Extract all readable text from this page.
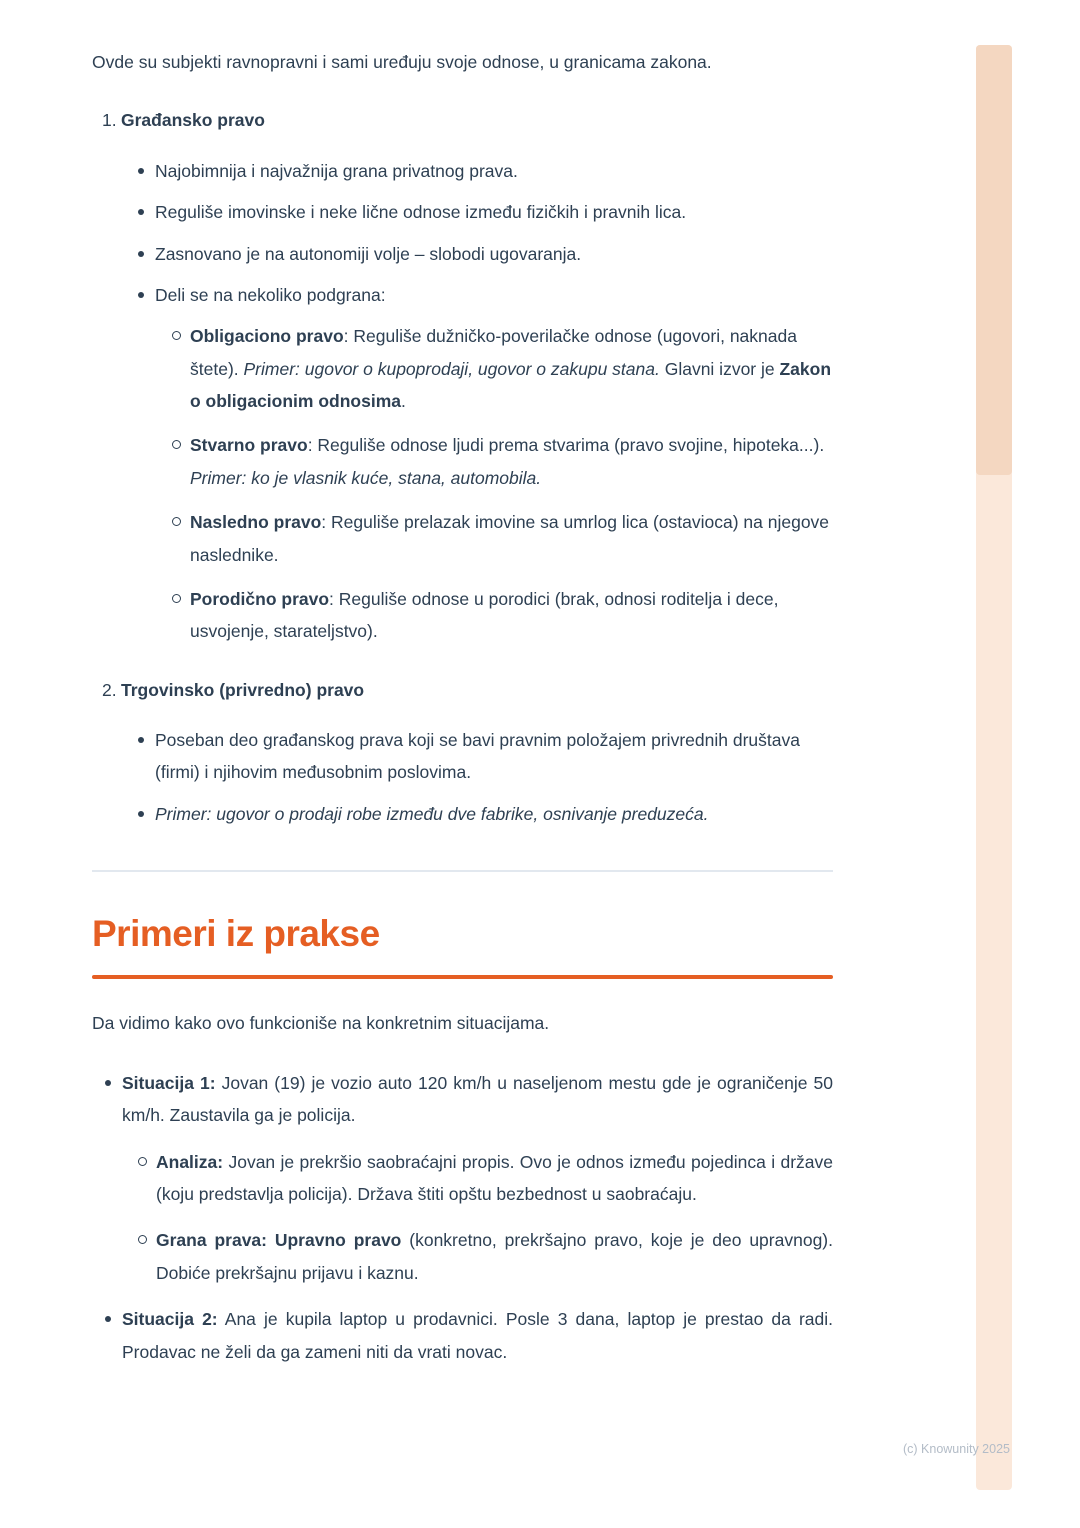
Ovde su subjekti ravnopravni i sami uređuju svoje odnose, u granicama zakona.

1. Građansko pravo
Najobimnija i najvažnija grana privatnog prava.
Reguliše imovinske i neke lične odnose između fizičkih i pravnih lica.
Zasnovano je na autonomiji volje – slobodi ugovaranja.
Deli se na nekoliko podgrana:
Obligaciono pravo: Reguliše dužničko-poverilačke odnose (ugovori, naknada štete). Primer: ugovor o kupoprodaji, ugovor o zakupu stana. Glavni izvor je Zakon o obligacionim odnosima.
Stvarno pravo: Reguliše odnose ljudi prema stvarima (pravo svojine, hipoteka...). Primer: ko je vlasnik kuće, stana, automobila.
Nasledno pravo: Reguliše prelazak imovine sa umrlog lica (ostavioca) na njegove naslednike.
Porodično pravo: Reguliše odnose u porodici (brak, odnosi roditelja i dece, usvojenje, starateljstvo).
2. Trgovinsko (privredno) pravo
Poseban deo građanskog prava koji se bavi pravnim položajem privrednih društava (firmi) i njihovim međusobnim poslovima.
Primer: ugovor o prodaji robe između dve fabrike, osnivanje preduzeća.
Primeri iz prakse

Da vidimo kako ovo funkcioniše na konkretnim situacijama.

Situacija 1: Jovan (19) je vozio auto 120 km/h u naseljenom mestu gde je ograničenje 50 km/h. Zaustavila ga je policija.
Analiza: Jovan je prekršio saobraćajni propis. Ovo je odnos između pojedinca i države (koju predstavlja policija). Država štiti opštu bezbednost u saobraćaju.
Grana prava: Upravno pravo (konkretno, prekršajno pravo, koje je deo upravnog). Dobiće prekršajnu prijavu i kaznu.
Situacija 2: Ana je kupila laptop u prodavnici. Posle 3 dana, laptop je prestao da radi. Prodavac ne želi da ga zameni niti da vrati novac.
(c) Knowunity 2025
